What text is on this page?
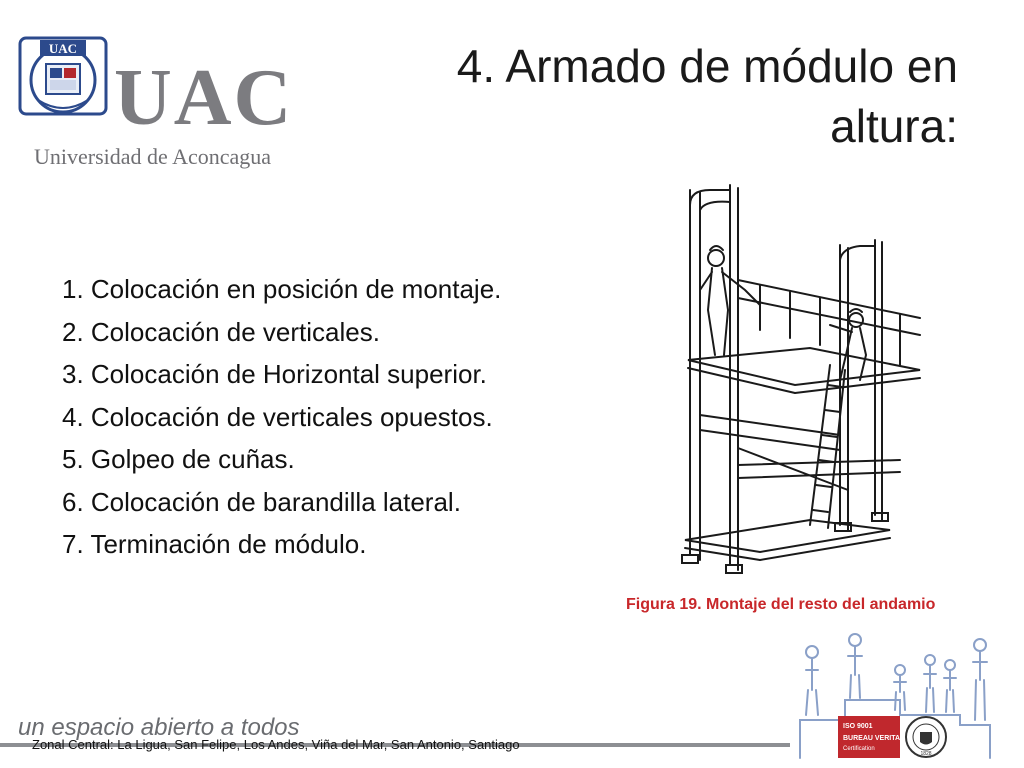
UAC
UAC
Universidad de Aconcagua
4. Armado de módulo en altura:
1. Colocación en posición de montaje.
2. Colocación de verticales.
3. Colocación de Horizontal superior.
4. Colocación de verticales opuestos.
5. Golpeo de cuñas.
6. Colocación de barandilla lateral.
7. Terminación de módulo.
Figura 19. Montaje del resto del andamio
ISO 9001
BUREAU VERITAS
Certification
1828
un espacio abierto a todos
Zonal Central: La Ligua, San Felipe, Los Andes, Viña del Mar, San Antonio, Santiago
